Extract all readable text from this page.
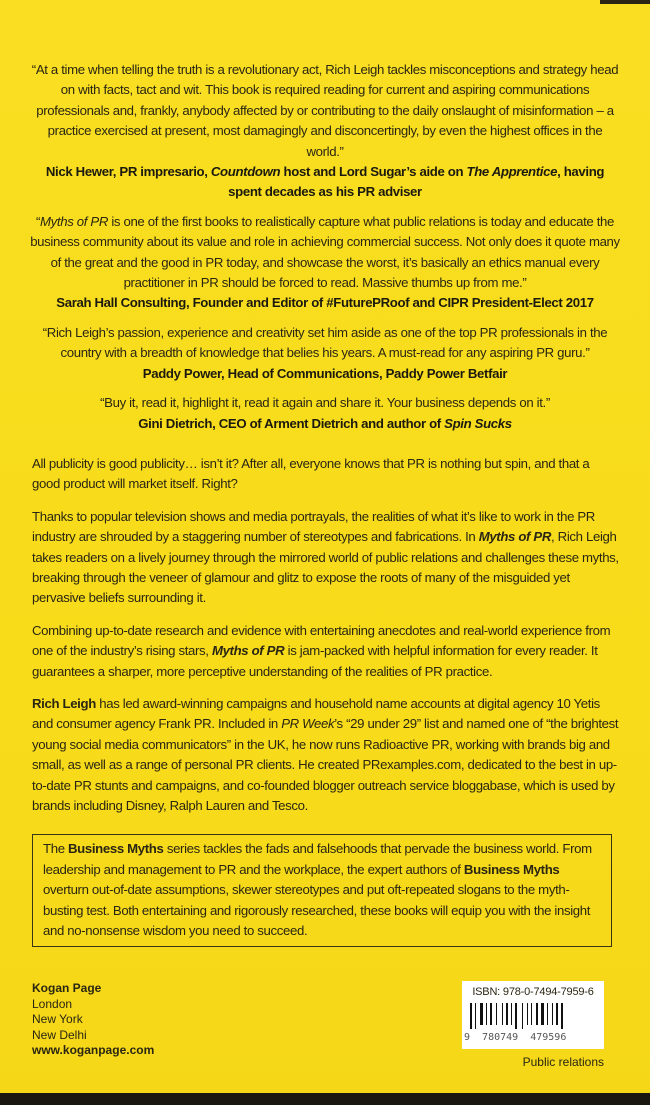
“At a time when telling the truth is a revolutionary act, Rich Leigh tackles misconceptions and strategy head on with facts, tact and wit. This book is required reading for current and aspiring communications professionals and, frankly, anybody affected by or contributing to the daily onslaught of misinformation – a practice exercised at present, most damagingly and disconcertingly, by even the highest offices in the world.”
Nick Hewer, PR impresario, Countdown host and Lord Sugar’s aide on The Apprentice, having spent decades as his PR adviser
“Myths of PR is one of the first books to realistically capture what public relations is today and educate the business community about its value and role in achieving commercial success. Not only does it quote many of the great and the good in PR today, and showcase the worst, it’s basically an ethics manual every practitioner in PR should be forced to read. Massive thumbs up from me.”
Sarah Hall Consulting, Founder and Editor of #FuturePRoof and CIPR President-Elect 2017
“Rich Leigh’s passion, experience and creativity set him aside as one of the top PR professionals in the country with a breadth of knowledge that belies his years. A must-read for any aspiring PR guru.”
Paddy Power, Head of Communications, Paddy Power Betfair
“Buy it, read it, highlight it, read it again and share it. Your business depends on it.”
Gini Dietrich, CEO of Arment Dietrich and author of Spin Sucks
All publicity is good publicity… isn’t it? After all, everyone knows that PR is nothing but spin, and that a good product will market itself. Right?
Thanks to popular television shows and media portrayals, the realities of what it’s like to work in the PR industry are shrouded by a staggering number of stereotypes and fabrications. In Myths of PR, Rich Leigh takes readers on a lively journey through the mirrored world of public relations and challenges these myths, breaking through the veneer of glamour and glitz to expose the roots of many of the misguided yet pervasive beliefs surrounding it.
Combining up-to-date research and evidence with entertaining anecdotes and real-world experience from one of the industry’s rising stars, Myths of PR is jam-packed with helpful information for every reader. It guarantees a sharper, more perceptive understanding of the realities of PR practice.
Rich Leigh has led award-winning campaigns and household name accounts at digital agency 10 Yetis and consumer agency Frank PR. Included in PR Week’s “29 under 29” list and named one of “the brightest young social media communicators” in the UK, he now runs Radioactive PR, working with brands big and small, as well as a range of personal PR clients. He created PRexamples.com, dedicated to the best in up-to-date PR stunts and campaigns, and co-founded blogger outreach service bloggabase, which is used by brands including Disney, Ralph Lauren and Tesco.
The Business Myths series tackles the fads and falsehoods that pervade the business world. From leadership and management to PR and the workplace, the expert authors of Business Myths overturn out-of-date assumptions, skewer stereotypes and put oft-repeated slogans to the myth-busting test. Both entertaining and rigorously researched, these books will equip you with the insight and no-nonsense wisdom you need to succeed.
Kogan Page
London
New York
New Delhi
www.koganpage.com
ISBN: 978-0-7494-7959-6
9  780749  479596
Public relations
